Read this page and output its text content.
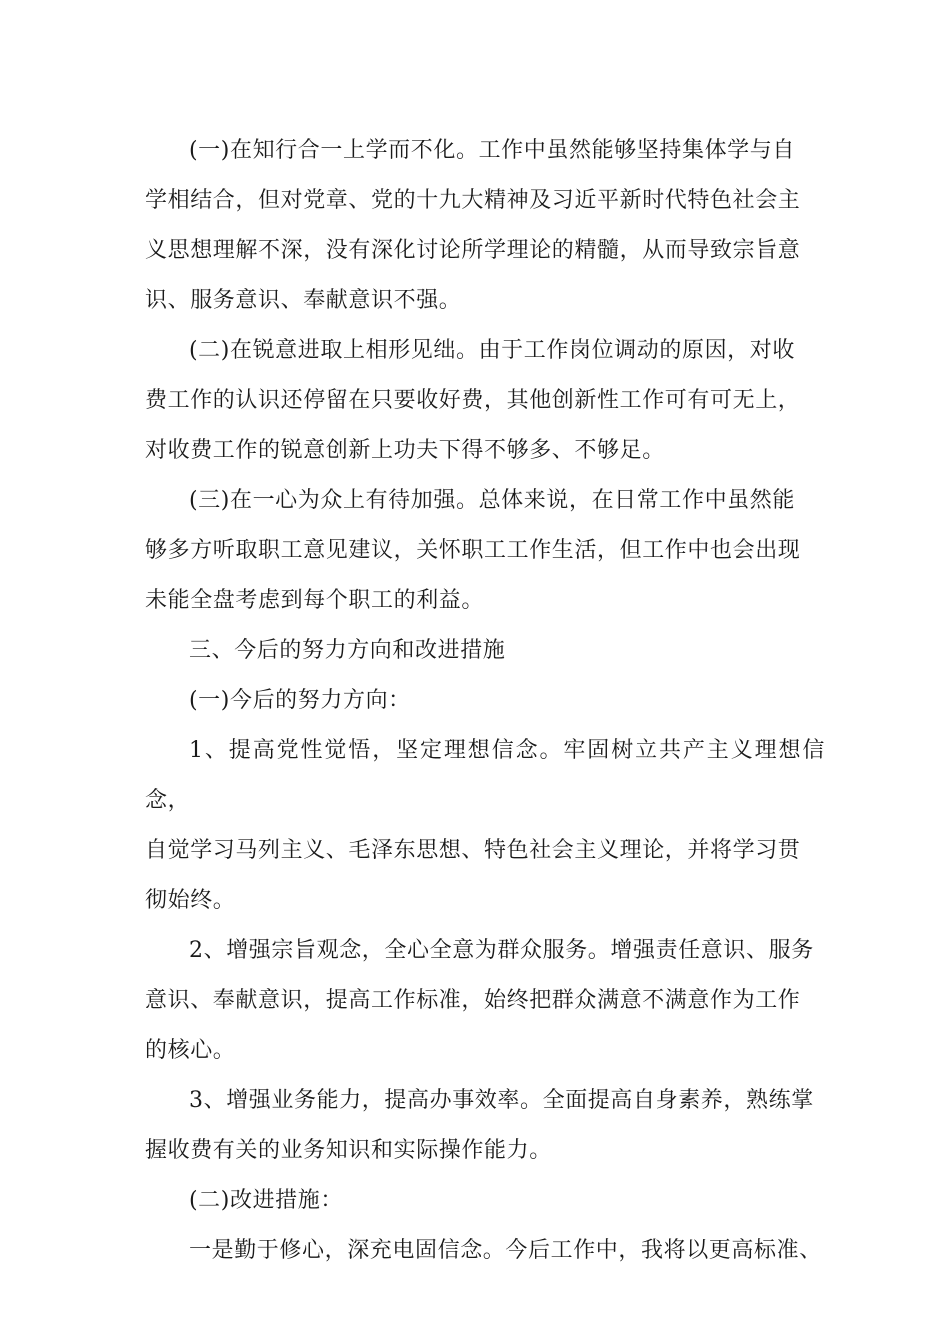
(一)在知行合一上学而不化。工作中虽然能够坚持集体学与自
学相结合，但对党章、党的十九大精神及习近平新时代特色社会主
义思想理解不深，没有深化讨论所学理论的精髓，从而导致宗旨意
识、服务意识、奉献意识不强。

(二)在锐意进取上相形见绌。由于工作岗位调动的原因，对收
费工作的认识还停留在只要收好费，其他创新性工作可有可无上，
对收费工作的锐意创新上功夫下得不够多、不够足。

(三)在一心为众上有待加强。总体来说，在日常工作中虽然能
够多方听取职工意见建议，关怀职工工作生活，但工作中也会出现
未能全盘考虑到每个职工的利益。

三、今后的努力方向和改进措施

(一)今后的努力方向：

1、提高党性觉悟，坚定理想信念。牢固树立共产主义理想信念，
自觉学习马列主义、毛泽东思想、特色社会主义理论，并将学习贯
彻始终。

2、增强宗旨观念，全心全意为群众服务。增强责任意识、服务
意识、奉献意识，提高工作标准，始终把群众满意不满意作为工作
的核心。

3、增强业务能力，提高办事效率。全面提高自身素养，熟练掌
握收费有关的业务知识和实际操作能力。

(二)改进措施：

一是勤于修心，深充电固信念。今后工作中，我将以更高标准、
